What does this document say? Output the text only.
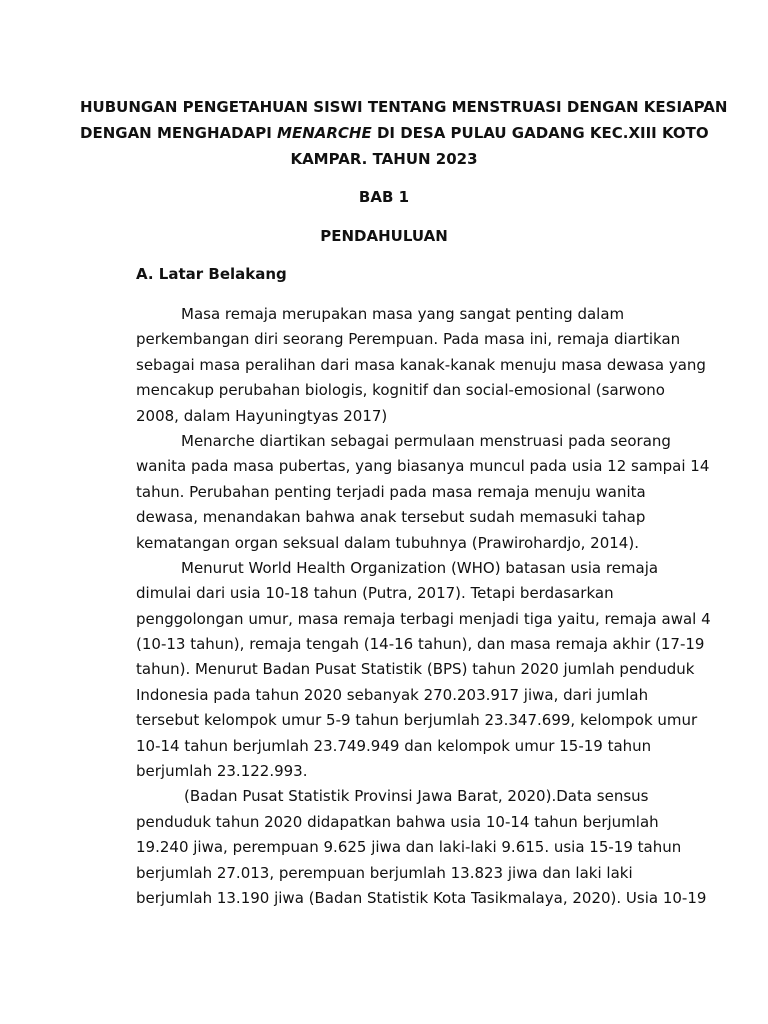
HUBUNGAN PENGETAHUAN SISWI TENTANG MENSTRUASI DENGAN KESIAPAN
DENGAN MENGHADAPI MENARCHE DI DESA PULAU GADANG KEC.XIII KOTO
KAMPAR. TAHUN 2023
BAB 1
PENDAHULUAN
A. Latar Belakang
Masa remaja merupakan masa yang sangat penting dalam
perkembangan diri seorang Perempuan. Pada masa ini, remaja diartikan
sebagai masa peralihan dari masa kanak-kanak menuju masa dewasa yang
mencakup perubahan biologis, kognitif dan social-emosional (sarwono
2008, dalam Hayuningtyas 2017)
Menarche diartikan sebagai permulaan menstruasi pada seorang
wanita pada masa pubertas, yang biasanya muncul pada usia 12 sampai 14
tahun. Perubahan penting terjadi pada masa remaja menuju wanita
dewasa, menandakan bahwa anak tersebut sudah memasuki tahap
kematangan organ seksual dalam tubuhnya (Prawirohardjo, 2014).
Menurut World Health Organization (WHO) batasan usia remaja
dimulai dari usia 10-18 tahun (Putra, 2017). Tetapi berdasarkan
penggolongan umur, masa remaja terbagi menjadi tiga yaitu, remaja awal 4
(10-13 tahun), remaja tengah (14-16 tahun), dan masa remaja akhir (17-19
tahun). Menurut Badan Pusat Statistik (BPS) tahun 2020 jumlah penduduk
Indonesia pada tahun 2020 sebanyak 270.203.917 jiwa, dari jumlah
tersebut kelompok umur 5-9 tahun berjumlah 23.347.699, kelompok umur
10-14 tahun berjumlah 23.749.949 dan kelompok umur 15-19 tahun
berjumlah 23.122.993.
(Badan Pusat Statistik Provinsi Jawa Barat, 2020).Data sensus
penduduk tahun 2020 didapatkan bahwa usia 10-14 tahun berjumlah
19.240 jiwa, perempuan 9.625 jiwa dan laki-laki 9.615. usia 15-19 tahun
berjumlah 27.013, perempuan berjumlah 13.823 jiwa dan laki laki
berjumlah 13.190 jiwa (Badan Statistik Kota Tasikmalaya, 2020). Usia 10-19
